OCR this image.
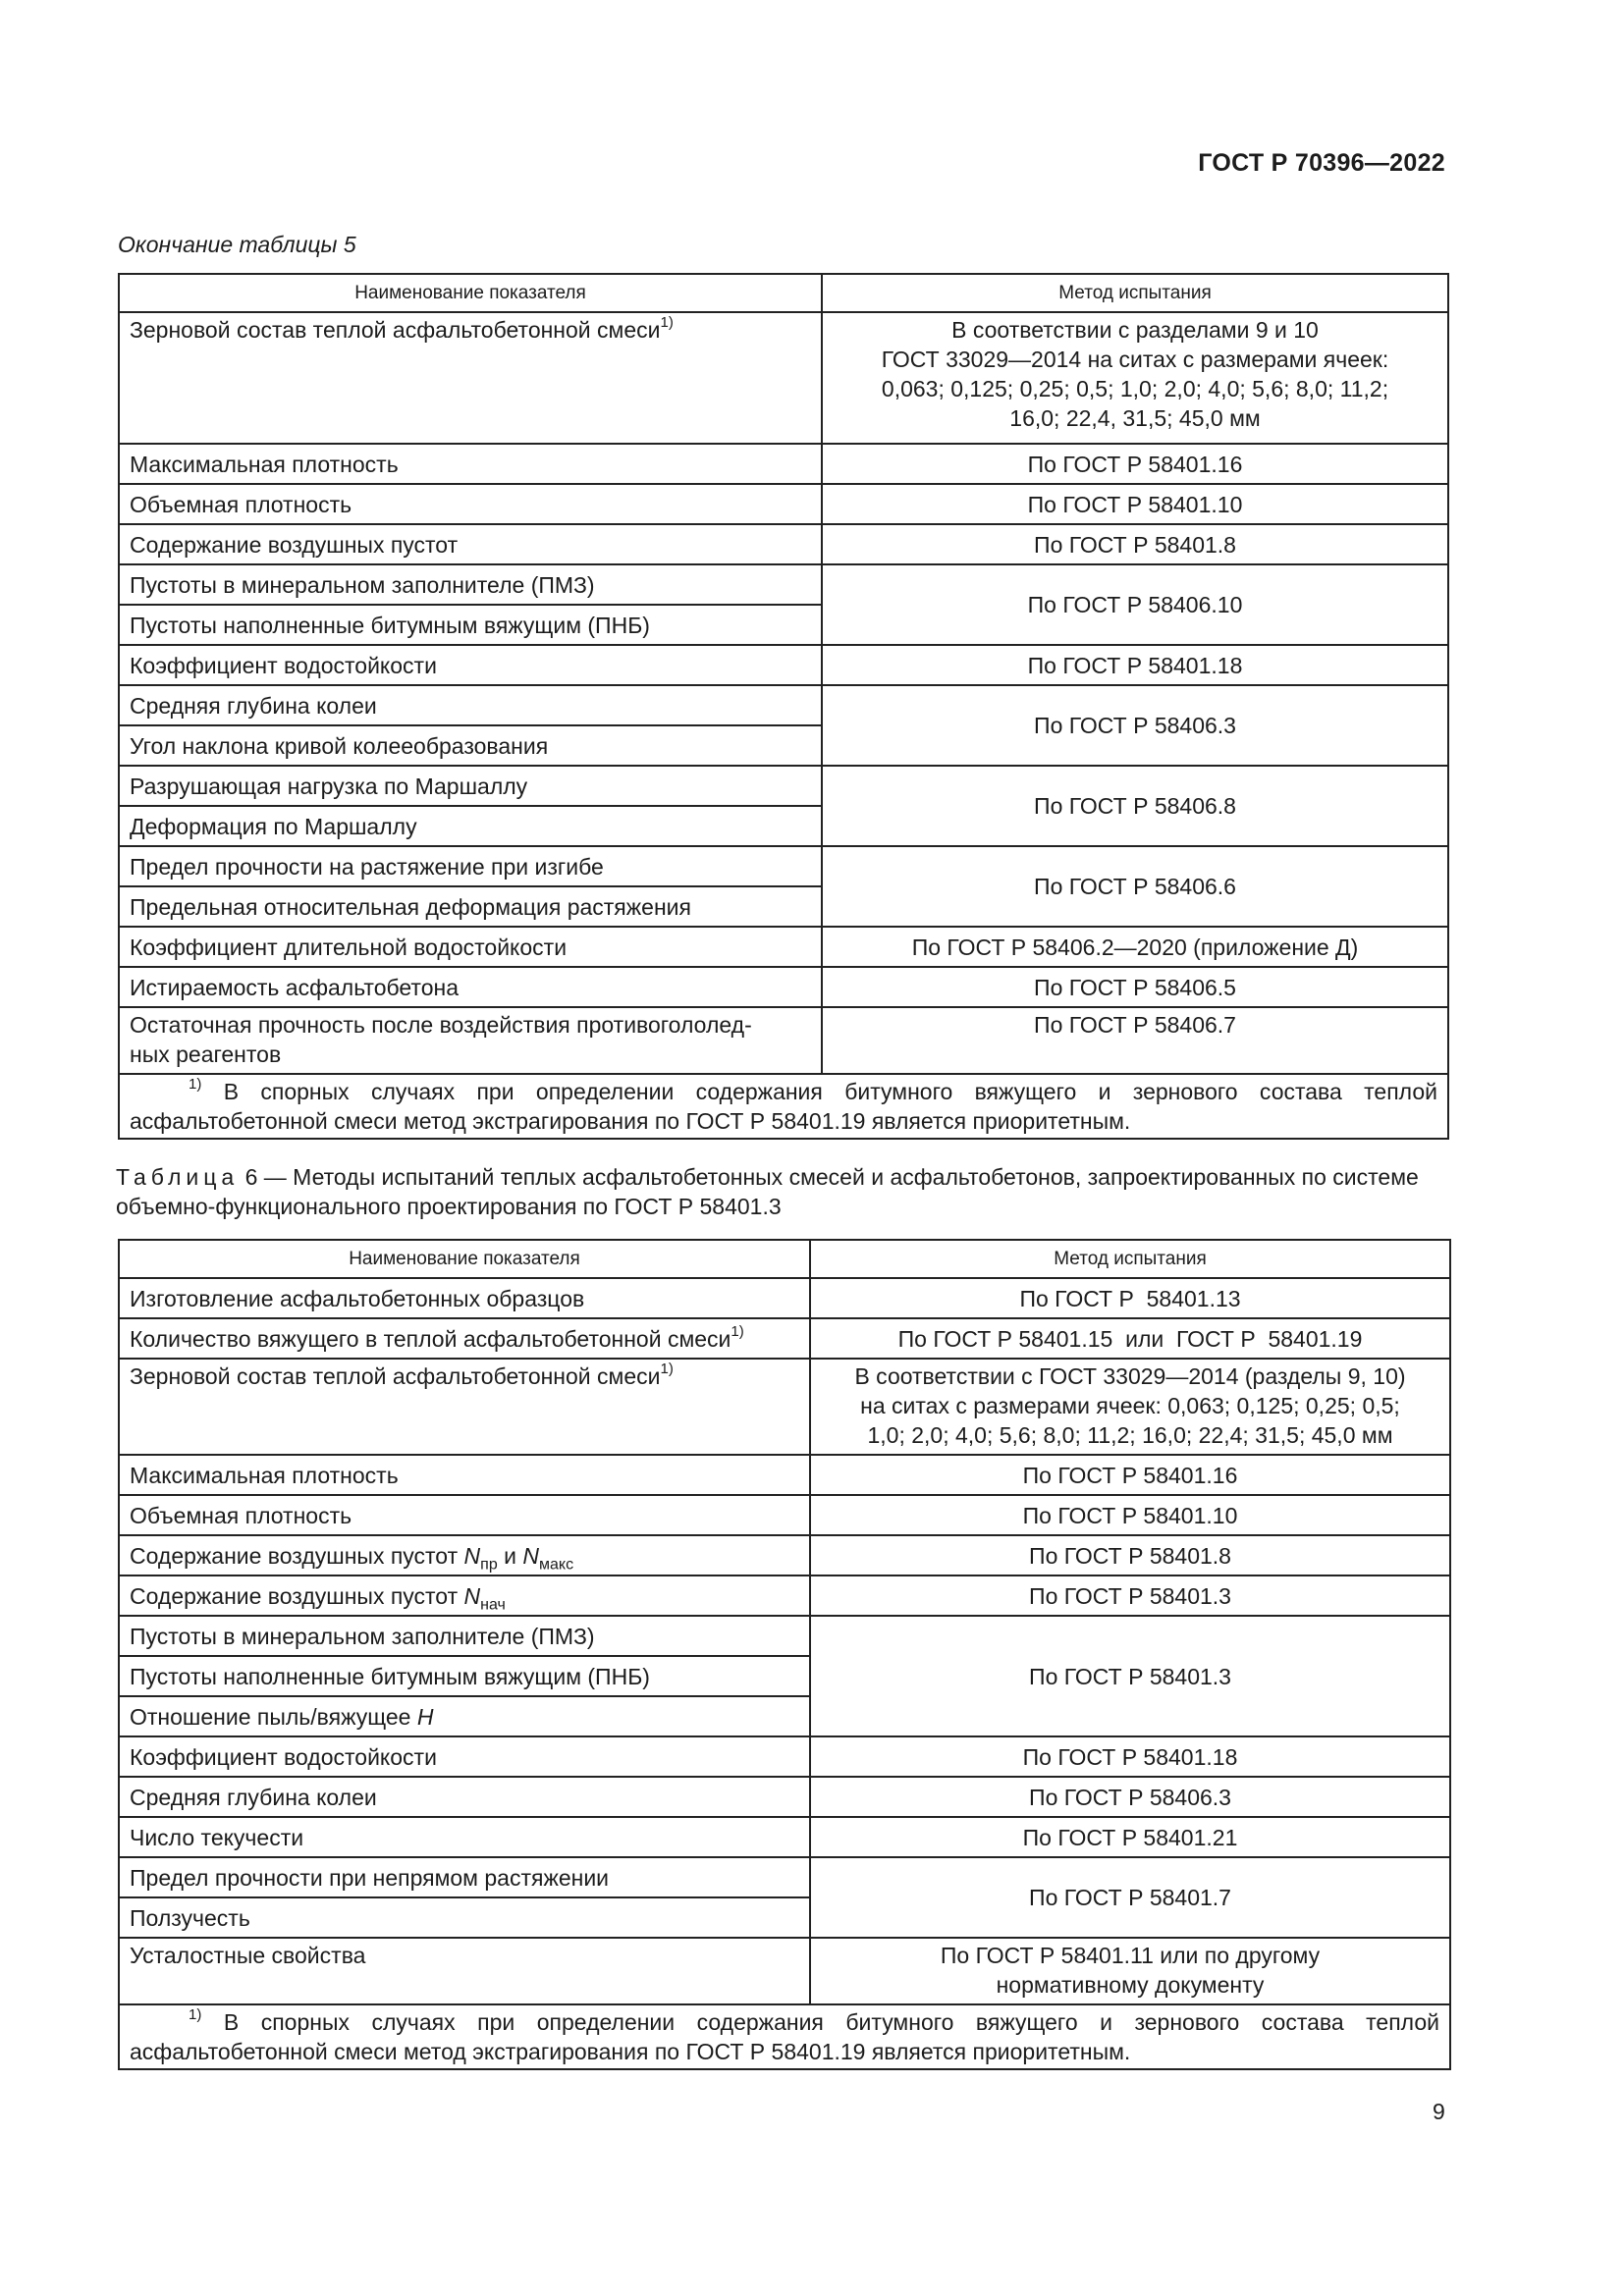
ГОСТ Р 70396—2022
Окончание таблицы 5
Наименование показателя	Метод испытания
Зерновой состав теплой асфальтобетонной смеси$^{1)}$	В соответствии с разделами 9 и 10
ГОСТ 33029—2014 на ситах с размерами ячеек:
0,063; 0,125; 0,25; 0,5; 1,0; 2,0; 4,0; 5,6; 8,0; 11,2;
16,0; 22,4, 31,5; 45,0 мм

Максимальная плотность	По ГОСТ Р 58401.16
Объемная плотность	По ГОСТ Р 58401.10
Содержание воздушных пустот	По ГОСТ Р 58401.8
Пустоты в минеральном заполнителе (ПМЗ)	По ГОСТ Р 58406.10
Пустоты наполненные битумным вяжущим (ПНБ)	
Коэффициент водостойкости	По ГОСТ Р 58401.18
Средняя глубина колеи	По ГОСТ Р 58406.3
Угол наклона кривой колееобразования	
Разрушающая нагрузка по Маршаллу	По ГОСТ Р 58406.8
Деформация по Маршаллу	
Предел прочности на растяжение при изгибе	По ГОСТ Р 58406.6
Предельная относительная деформация растяжения	
Коэффициент длительной водостойкости	По ГОСТ Р 58406.2—2020 (приложение Д)
Истираемость асфальтобетона	По ГОСТ Р 58406.5

Остаточная прочность после воздействия противогололед-
ных реагентов	По ГОСТ Р 58406.7
$^{1)}$ В спорных случаях при определении содержания битумного вяжущего и зернового состава теплой асфальтобетонной смеси метод экстрагирования по ГОСТ Р 58401.19 является приоритетным.	
Таблица 6 — Методы испытаний теплых асфальтобетонных смесей и асфальтобетонов, запроектированных по системе объемно-функционального проектирования по ГОСТ Р 58401.3
Наименование показателя	Метод испытания
Изготовление асфальтобетонных образцов	По ГОСТ Р  58401.13
Количество вяжущего в теплой асфальтобетонной смеси$^{1)}$	По ГОСТ Р 58401.15  или  ГОСТ Р  58401.19
Зерновой состав теплой асфальтобетонной смеси$^{1)}$	В соответствии с ГОСТ 33029—2014 (разделы 9, 10)
на ситах с размерами ячеек: 0,063; 0,125; 0,25; 0,5;
1,0; 2,0; 4,0; 5,6; 8,0; 11,2; 16,0; 22,4; 31,5; 45,0 мм

Максимальная плотность	По ГОСТ Р 58401.16
Объемная плотность	По ГОСТ Р 58401.10
Содержание воздушных пустот $N_{пр}$ и $N_{макс}$	По ГОСТ Р 58401.8
Содержание воздушных пустот $N_{нач}$	По ГОСТ Р 58401.3
Пустоты в минеральном заполнителе (ПМЗ)	По ГОСТ Р 58401.3
Пустоты наполненные битумным вяжущим (ПНБ)	
Отношение пыль/вяжущее H	
Коэффициент водостойкости	По ГОСТ Р 58401.18
Средняя глубина колеи	По ГОСТ Р 58406.3
Число текучести	По ГОСТ Р 58401.21
Предел прочности при непрямом растяжении	По ГОСТ Р 58401.7
Ползучесть	
Усталостные свойства	По ГОСТ Р 58401.11 или по другому
нормативному документу

$^{1)}$ В спорных случаях при определении содержания битумного вяжущего и зернового состава теплой асфальтобетонной смеси метод экстрагирования по ГОСТ Р 58401.19 является приоритетным.	
9
